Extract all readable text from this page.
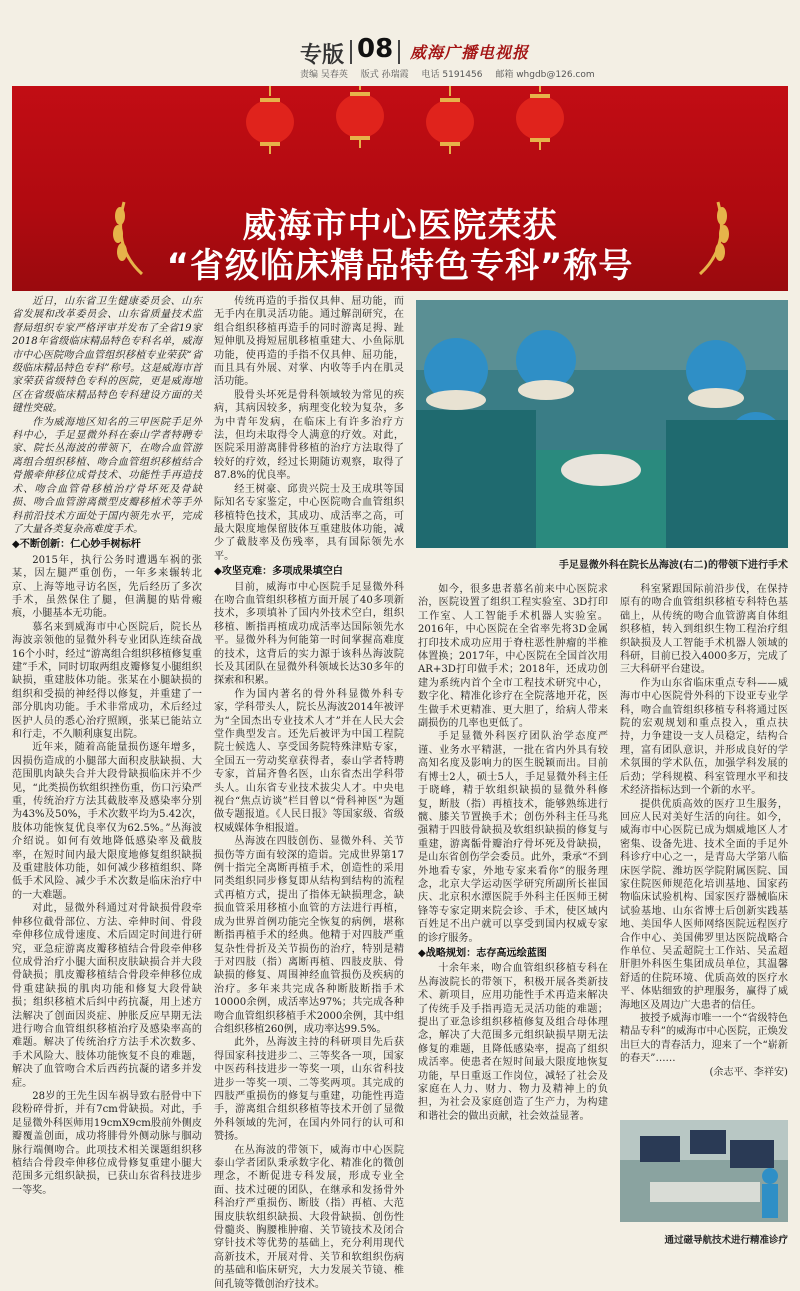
专版 08 威海广播电视报
责编 吴春英 版式 孙瑞霞 电话 5191456 邮箱 whgdb@126.com
威海市中心医院荣获
“省级临床精品特色专科”称号

近日，山东省卫生健康委员会、山东省发展和改革委员会、山东省质量技术监督局组织专家严格评审并发布了全省19家2018年省级临床精品特色专科名单，威海市中心医院吻合血管组织移植专业荣获“省级临床精品特色专科”称号。这是威海市首家荣获省级特色专科的医院，更是威海地区在省级临床精品特色专科建设方面的关键性突破。

作为威海地区知名的三甲医院手足外科中心，手足显微外科在泰山学者特聘专家、院长丛海波的带领下，在吻合血管游离组合组织移植、吻合血管组织移植结合骨搬牵伸移位成骨技术、功能性手再造技术、吻合血管骨移植治疗骨坏死及骨缺损、吻合血管游离微型皮瓣移植术等手外科前沿技术方面处于国内领先水平，完成了大量各类复杂高难度手术。

◆不断创新：仁心妙手树标杆

2015年，执行公务时遭遇车祸的张某，因左腿严重创伤，一年多来辗转北京、上海等地寻访名医，先后经历了多次手术，虽然保住了腿，但满腿的贴骨瘢痕，小腿基本无功能。

慕名来到威海市中心医院后，院长丛海波亲领他的显微外科专业团队连续奋战16个小时，经过“游离组合组织移植修复重建”手术，同时切取两组皮瓣修复小腿组织缺损，重建肢体功能。张某在小腿缺损的组织和受损的神经得以修复，并重建了一部分肌肉功能。手术非常成功，术后经过医护人员的悉心治疗照顾，张某已能站立和行走，不久顺利康复出院。

近年来，随着高能量损伤逐年增多，因损伤造成的小腿部大面积皮肤缺损、大范围肌肉缺失合并大段骨缺损临床并不少见，“此类损伤软组织挫伤重，伤口污染严重，传统治疗方法其截肢率及感染率分别为43%及50%，手术次数平均为5.42次，肢体功能恢复优良率仅为62.5%。”丛海波介绍说。如何有效地降低感染率及截肢率，在短时间内最大限度地修复组织缺损及重建肢体功能，如何减少移植组织、降低手术风险、减少手术次数是临床治疗中的一大难题。

对此，显微外科通过对骨缺损骨段牵伸移位截骨部位、方法、牵伸时间、骨段牵伸移位成骨速度、术后固定时间进行研究，亚急症游离皮瓣移植结合骨段牵伸移位成骨治疗小腿大面积皮肤缺损合并大段骨缺损；肌皮瓣移植结合骨段牵伸移位成骨重建缺损的肌肉功能和修复大段骨缺损；组织移植术后纠中药抗凝，用上述方法解决了创面因炎症、肿胀反应早期无法进行吻合血管组织移植治疗及感染率高的难题。解决了传统治疗方法手术次数多、手术风险大、肢体功能恢复不良的难题，解决了血管吻合术后西药抗凝的诸多并发症。

28岁的王先生因车祸导致右胫骨中下段粉碎骨折，并有7cm骨缺损。对此，手足显微外科医师用19cmX9cm股前外侧皮瓣覆盖创面，成功将腓骨外侧动脉与腘动脉行端侧吻合。此项技术相关课题组织移植结合骨段牵伸移位成骨修复重建小腿大范围多元组织缺损，已获山东省科技进步一等奖。

传统再造的手指仅具伸、屈功能，而无手内在肌灵活功能。通过解剖研究，在组合组织移植再造手的同时游离足拇、趾短伸肌及拇短屈肌移植重建大、小鱼际肌功能，使再造的手指不仅具伸、屈功能，而且具有外展、对掌、内收等手内在肌灵活功能。

股骨头坏死是骨科领域较为常见的疾病，其病因较多，病理变化较为复杂，多为中青年发病，在临床上有许多治疗方法，但均未取得令人满意的疗效。对此，医院采用游离腓骨移植的治疗方法取得了较好的疗效，经过长期随访观察，取得了87.8%的优良率。

经王树豪、邱贵兴院士及王成琪等国际知名专家鉴定，中心医院吻合血管组织移植特色技术，其成功、成活率之高，可最大限度地保留肢体互重建肢体功能，减少了截肢率及伤残率，具有国际领先水平。

◆攻坚克难：多项成果填空白

目前，威海市中心医院手足显微外科在吻合血管组织移植方面开展了40多项新技术，多项填补了国内外技术空白，组织移植、断指再植成功成活率达国际领先水平。显微外科为何能第一时间掌握高难度的技术，这背后的实力源于该科丛海波院长及其团队在显微外科领域长达30多年的探索和积累。

作为国内著名的骨外科显微外科专家，学科带头人，院长丛海波2014年被评为“全国杰出专业技术人才”并在人民大会堂作典型发言。还先后被评为中国工程院院士候选人、享受国务院特殊津贴专家，全国五一劳动奖章获得者，泰山学者特聘专家，首届齐鲁名医，山东省杰出学科带头人。山东省专业技术拔尖人才。中央电视台“焦点访谈”栏目曾以“骨科神医”为题做专题报道。《人民日报》等国家级、省级权威媒体争相报道。

丛海波在四肢创伤、显微外科、关节损伤等方面有较深的造诣。完成世界第17例十指完全离断再植手术，创造性的采用同类组织同步修复即从结构到结构的流程式再植方式，提出了指体无缺损理念，缺损血管采用移植小血管的方法进行再植，成为世界首例功能完全恢复的病例，堪称断指再植手术的经典。他精于对四肢严重复杂性骨折及关节损伤的治疗，特别是精于对四肢（指）离断再植、四肢皮肤、骨缺损的修复、周围神经血管损伤及疾病的治疗。多年来共完成各种断肢断指手术10000余例，成活率达97%；共完成各种吻合血管组织移植手术2000余例，其中组合组织移植260例，成功率达99.5%。

此外，丛海波主持的科研项目先后获得国家科技进步二、三等奖各一项，国家中医药科技进步一等奖一项，山东省科技进步一等奖一项、二等奖两项。其完成的四肢严重损伤的修复与重建，功能性再造手，游离组合组织移植等技术开创了显微外科领域的先河，在国内外同行的认可和赞扬。

在丛海波的带领下，威海市中心医院泰山学者团队秉承数字化、精准化的微创理念，不断促进专科发展，形成专业全面、技术过硬的团队，在继承和发扬骨外科治疗严重损伤、断肢（指）再植、大范围皮肤软组织缺损、大段骨缺损、创伤性骨髓炎、胸腰椎肿瘤、关节镜技术及闭合穿针技术等优势的基础上，充分利用现代高新技术，开展对骨、关节和软组织伤病的基础和临床研究，大力发展关节镜、椎间孔镜等微创治疗技术。

手足显微外科在院长丛海波(右二)的带领下进行手术

如今，很多患者慕名前来中心医院求治，医院设置了组织工程实验室、3D打印工作室、人工智能手术机器人实验室。2016年，中心医院在全省率先将3D金属打印技术成功应用于脊柱恶性肿瘤的半椎体置换；2017年，中心医院在全国首次用AR+3D打印做手术；2018年，还成功创建为系统内首个全市工程技术研究中心，数字化、精准化诊疗在全院落地开花，医生做手术更精准、更大胆了，给病人带来副损伤的几率也更低了。

手足显微外科医疗团队治学态度严谨、业务水平精湛，一批在省内外具有较高知名度及影响力的医生脱颖而出。目前有博士2人，硕士5人，手足显微外科主任于晓峰，精于软组织缺损的显微外科修复，断肢（指）再植技术，能够熟练进行髋、膝关节置换手术；创伤外科主任马兆强精于四肢骨缺损及软组织缺损的修复与重建，游离骺骨瓣治疗骨坏死及骨缺损，是山东省创伤学会委员。此外，秉承“不到外地看专家，外地专家来看你”的服务理念，北京大学运动医学研究所副所长崔国庆、北京积水潭医院手外科主任医师王树锋等专家定期来院会诊、手术，使区域内百姓足不出户就可以享受到国内权威专家的诊疗服务。

◆战略规划：志存高远绘蓝图

十余年来，吻合血管组织移植专科在丛海波院长的带领下，积极开展各类新技术、新项目，应用功能性手术再造来解决了传统手及手指再造无灵活功能的难题；提出了亚急诊组织移植修复及组合母体理念，解决了大范围多元组织缺损早期无法修复的难题，且降低感染率，提高了组织成活率。使患者在短时间最大限度地恢复功能，早日重返工作岗位，减轻了社会及家庭在人力、财力、物力及精神上的负担，为社会及家庭创造了生产力，为构建和谐社会的做出贡献，社会效益显著。

科室紧跟国际前沿步伐，在保持原有的吻合血管组织移植专科特色基础上，从传统的吻合血管游离自体组织移植，转入到组织生物工程治疗组织缺损及人工智能手术机器人领域的科研，目前已投入4000多万，完成了三大科研平台建设。

作为山东省临床重点专科——威海市中心医院骨外科的下设亚专业学科，吻合血管组织移植专科将通过医院的宏观规划和重点投入，重点扶持，力争建设一支人员稳定，结构合理，富有团队意识，并形成良好的学术氛围的学术队伍，加强学科发展的后劲；学科规模、科室管理水平和技术经济指标达到一个新的水平。

提供优质高效的医疗卫生服务，回应人民对美好生活的向往。如今，威海市中心医院已成为烟威地区人才密集、设备先进、技术全面的手足外科诊疗中心之一，是青岛大学第八临床医学院、潍坊医学院附属医院、国家住院医师规范化培训基地、国家药物临床试验机构、国家医疗器械临床试验基地、山东省博士后创新实践基地、美国华人医师网络医院远程医疗合作中心、美国佛罗里达医院战略合作单位、吴孟超院士工作站、吴孟超肝胆外科医生集团成员单位，其温馨舒适的住院环境、优质高效的医疗水平、体贴细致的护理服务，赢得了威海地区及周边广大患者的信任。

披授予威海市唯一一个“省级特色精品专科”的威海市中心医院，正焕发出巨大的青春活力，迎来了一个“崭新的春天”……

(余志平、李祥安)

通过磁导航技术进行精准诊疗
